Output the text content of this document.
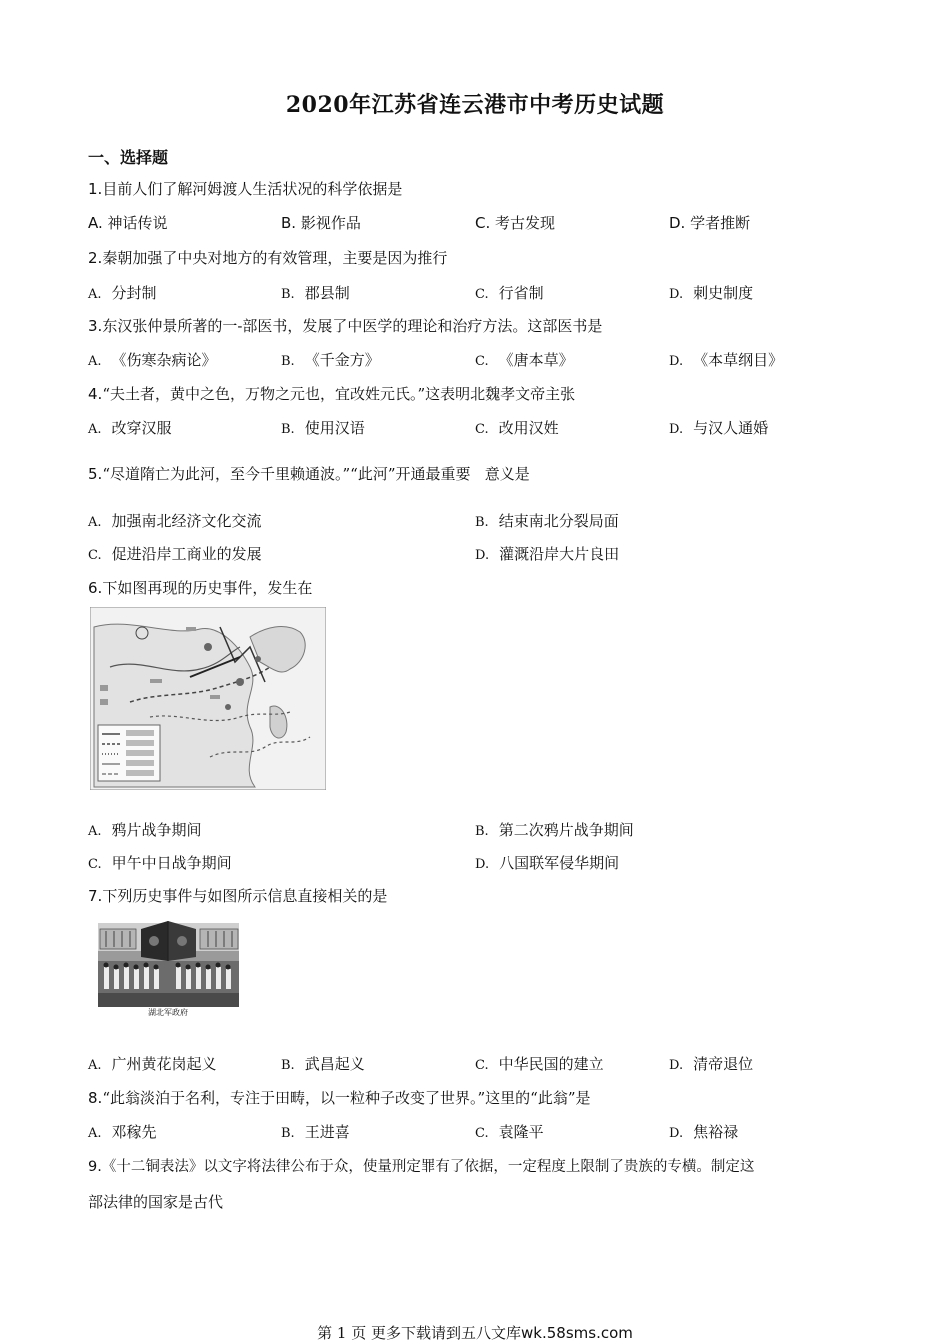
2020年江苏省连云港市中考历史试题
一、选择题
1.目前人们了解河姆渡人生活状况的科学依据是
A. 神话传说	B. 影视作品	C. 考古发现	D. 学者推断
2.秦朝加强了中央对地方的有效管理，主要是因为推行
A. 分封制	B. 郡县制	C. 行省制	D. 刺史制度
3.东汉张仲景所著的一-部医书，发展了中医学的理论和治疗方法。这部医书是
A. 《伤寒杂病论》	B. 《千金方》	C. 《唐本草》	D. 《本草纲目》
4.“夫土者，黄中之色，万物之元也，宜改姓元氏。”这表明北魏孝文帝主张
A. 改穿汉服	B. 使用汉语	C. 改用汉姓	D. 与汉人通婚
5.“尽道隋亡为此河，至今千里赖通波。”“此河”开通最重要   意义是
A. 加强南北经济文化交流	B. 结束南北分裂局面
C. 促进沿岸工商业的发展	D. 灌溉沿岸大片良田
6.下如图再现的历史事件，发生在
A. 鸦片战争期间	B. 第二次鸦片战争期间
C. 甲午中日战争期间	D. 八国联军侵华期间
7.下列历史事件与如图所示信息直接相关的是
湖北军政府
A. 广州黄花岗起义	B. 武昌起义	C. 中华民国的建立	D. 清帝退位
8.“此翁淡泊于名利，专注于田畴，以一粒种子改变了世界。”这里的“此翁”是
A. 邓稼先	B. 王进喜	C. 袁隆平	D. 焦裕禄
9.《十二铜表法》以文字将法律公布于众，使量刑定罪有了依据，一定程度上限制了贵族的专横。制定这
部法律的国家是古代
第 1 页 更多下载请到五八文库wk.58sms.com
